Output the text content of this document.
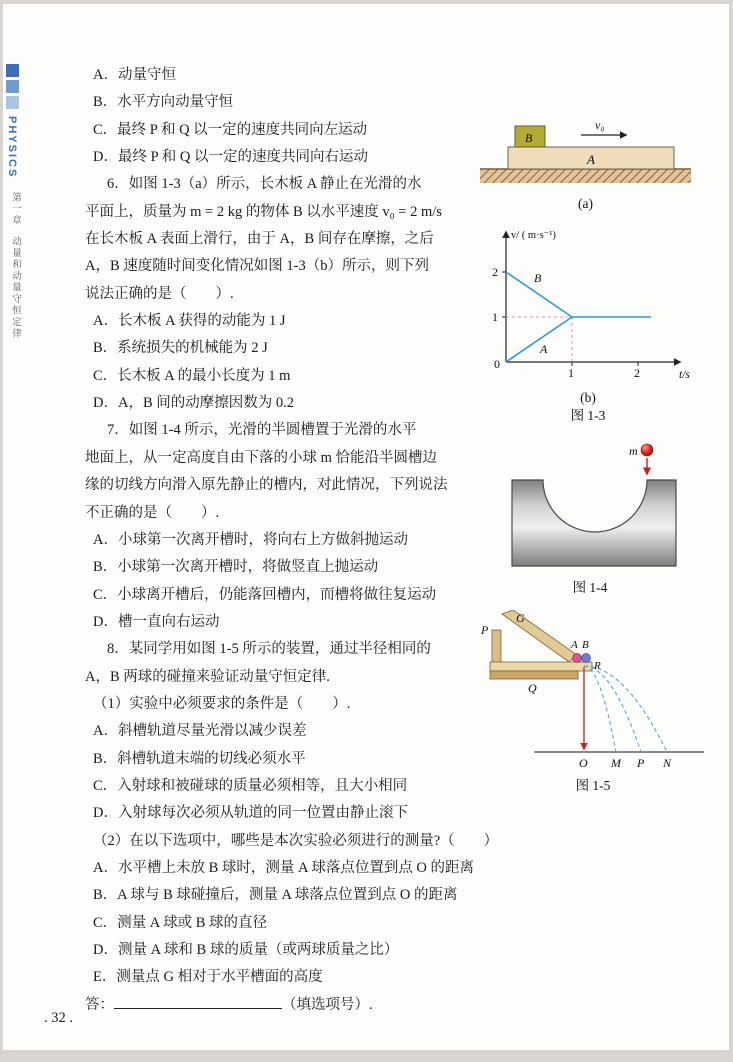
PHYSICS
第一章
动量和动量守恒定律
A．动量守恒
B．水平方向动量守恒
C．最终 P 和 Q 以一定的速度共同向左运动
D．最终 P 和 Q 以一定的速度共同向右运动
6．如图 1-3（a）所示，长木板 A 静止在光滑的水
平面上，质量为 m = 2 kg 的物体 B 以水平速度 v₀ = 2 m/s
在长木板 A 表面上滑行，由于 A，B 间存在摩擦，之后
A，B 速度随时间变化情况如图 1-3（b）所示，则下列
说法正确的是（　　）.
A．长木板 A 获得的动能为 1 J
B．系统损失的机械能为 2 J
C．长木板 A 的最小长度为 1 m
D．A，B 间的动摩擦因数为 0.2
7．如图 1-4 所示，光滑的半圆槽置于光滑的水平
地面上，从一定高度自由下落的小球 m 恰能沿半圆槽边
缘的切线方向滑入原先静止的槽内，对此情况，下列说法
不正确的是（　　）.
A．小球第一次离开槽时，将向右上方做斜抛运动
B．小球第一次离开槽时，将做竖直上抛运动
C．小球离开槽后，仍能落回槽内，而槽将做往复运动
D．槽一直向右运动
8．某同学用如图 1-5 所示的装置，通过半径相同的
A，B 两球的碰撞来验证动量守恒定律.
（1）实验中必须要求的条件是（　　）.
A．斜槽轨道尽量光滑以减少误差
B．斜槽轨道末端的切线必须水平
C．入射球和被碰球的质量必须相等，且大小相同
D．入射球每次必须从轨道的同一位置由静止滚下
（2）在以下选项中，哪些是本次实验必须进行的测量?（　　）
A．水平槽上未放 B 球时，测量 A 球落点位置到点 O 的距离
B．A 球与 B 球碰撞后，测量 A 球落点位置到点 O 的距离
C．测量 A 球或 B 球的直径
D．测量 A 球和 B 球的质量（或两球质量之比）
E．测量点 G 相对于水平槽面的高度
答：	（填选项号）.
A
B
v₀
(a)
v/ ( m·s⁻¹)
t/s
0
2
1
1	2
B
A
(b)
图 1-3
m
图 1-4
P
G
Q
A B
R
O M P N
图 1-5
. 32 .
